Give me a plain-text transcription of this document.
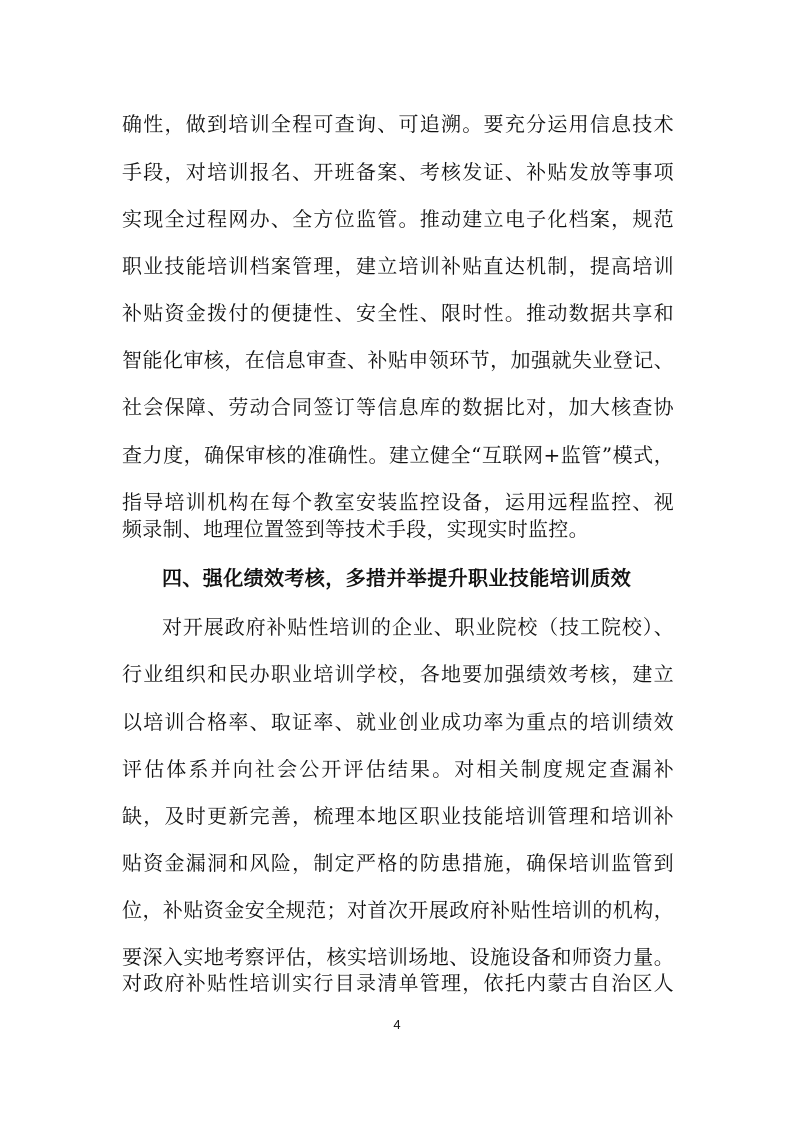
确性，做到培训全程可查询、可追溯。要充分运用信息技术
手段，对培训报名、开班备案、考核发证、补贴发放等事项
实现全过程网办、全方位监管。推动建立电子化档案，规范
职业技能培训档案管理，建立培训补贴直达机制，提高培训
补贴资金拨付的便捷性、安全性、限时性。推动数据共享和
智能化审核，在信息审查、补贴申领环节，加强就失业登记、
社会保障、劳动合同签订等信息库的数据比对，加大核查协
查力度，确保审核的准确性。建立健全“互联网+监管”模式，
指导培训机构在每个教室安装监控设备，运用远程监控、视
频录制、地理位置签到等技术手段，实现实时监控。
四、强化绩效考核，多措并举提升职业技能培训质效
对开展政府补贴性培训的企业、职业院校（技工院校）、
行业组织和民办职业培训学校，各地要加强绩效考核，建立
以培训合格率、取证率、就业创业成功率为重点的培训绩效
评估体系并向社会公开评估结果。对相关制度规定查漏补
缺，及时更新完善，梳理本地区职业技能培训管理和培训补
贴资金漏洞和风险，制定严格的防患措施，确保培训监管到
位，补贴资金安全规范；对首次开展政府补贴性培训的机构，
要深入实地考察评估，核实培训场地、设施设备和师资力量。
对政府补贴性培训实行目录清单管理，依托内蒙古自治区人
4
